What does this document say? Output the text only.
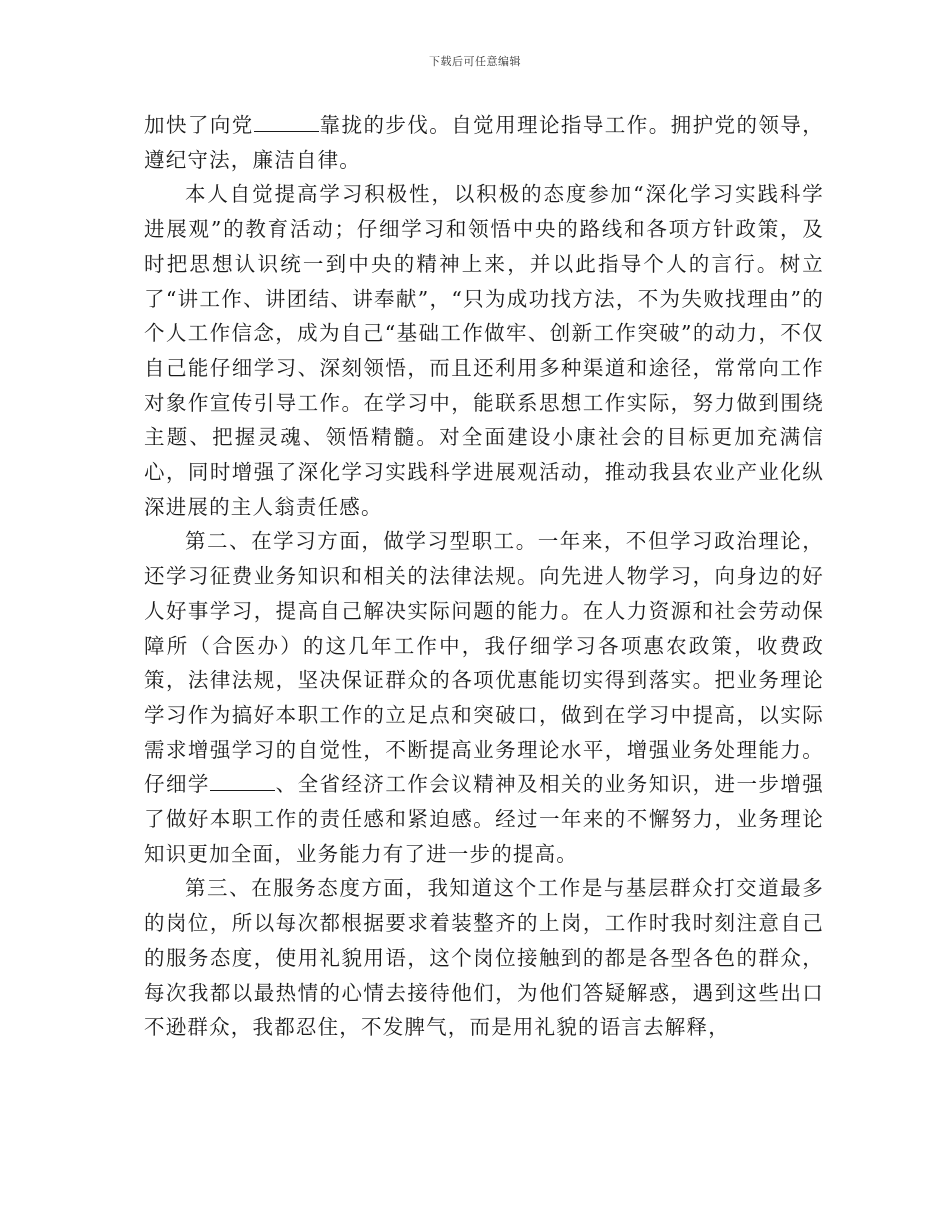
下载后可任意编辑

加快了向党	靠拢的步伐。自觉用理论指导工作。拥护党的领导，遵纪守法，廉洁自律。

本人自觉提高学习积极性，以积极的态度参加“深化学习实践科学进展观”的教育活动；仔细学习和领悟中央的路线和各项方针政策，及时把思想认识统一到中央的精神上来，并以此指导个人的言行。树立了“讲工作、讲团结、讲奉献”，“只为成功找方法，不为失败找理由”的个人工作信念，成为自己“基础工作做牢、创新工作突破”的动力，不仅自己能仔细学习、深刻领悟，而且还利用多种渠道和途径，常常向工作对象作宣传引导工作。在学习中，能联系思想工作实际，努力做到围绕主题、把握灵魂、领悟精髓。对全面建设小康社会的目标更加充满信心，同时增强了深化学习实践科学进展观活动，推动我县农业产业化纵深进展的主人翁责任感。

第二、在学习方面，做学习型职工。一年来，不但学习政治理论，还学习征费业务知识和相关的法律法规。向先进人物学习，向身边的好人好事学习，提高自己解决实际问题的能力。在人力资源和社会劳动保障所（合医办）的这几年工作中，我仔细学习各项惠农政策，收费政策，法律法规，坚决保证群众的各项优惠能切实得到落实。把业务理论学习作为搞好本职工作的立足点和突破口，做到在学习中提高，以实际需求增强学习的自觉性，不断提高业务理论水平，增强业务处理能力。仔细学	、全省经济工作会议精神及相关的业务知识，进一步增强了做好本职工作的责任感和紧迫感。经过一年来的不懈努力，业务理论知识更加全面，业务能力有了进一步的提高。

第三、在服务态度方面，我知道这个工作是与基层群众打交道最多的岗位，所以每次都根据要求着装整齐的上岗，工作时我时刻注意自己的服务态度，使用礼貌用语，这个岗位接触到的都是各型各色的群众，每次我都以最热情的心情去接待他们，为他们答疑解惑，遇到这些出口不逊群众，我都忍住，不发脾气，而是用礼貌的语言去解释，
